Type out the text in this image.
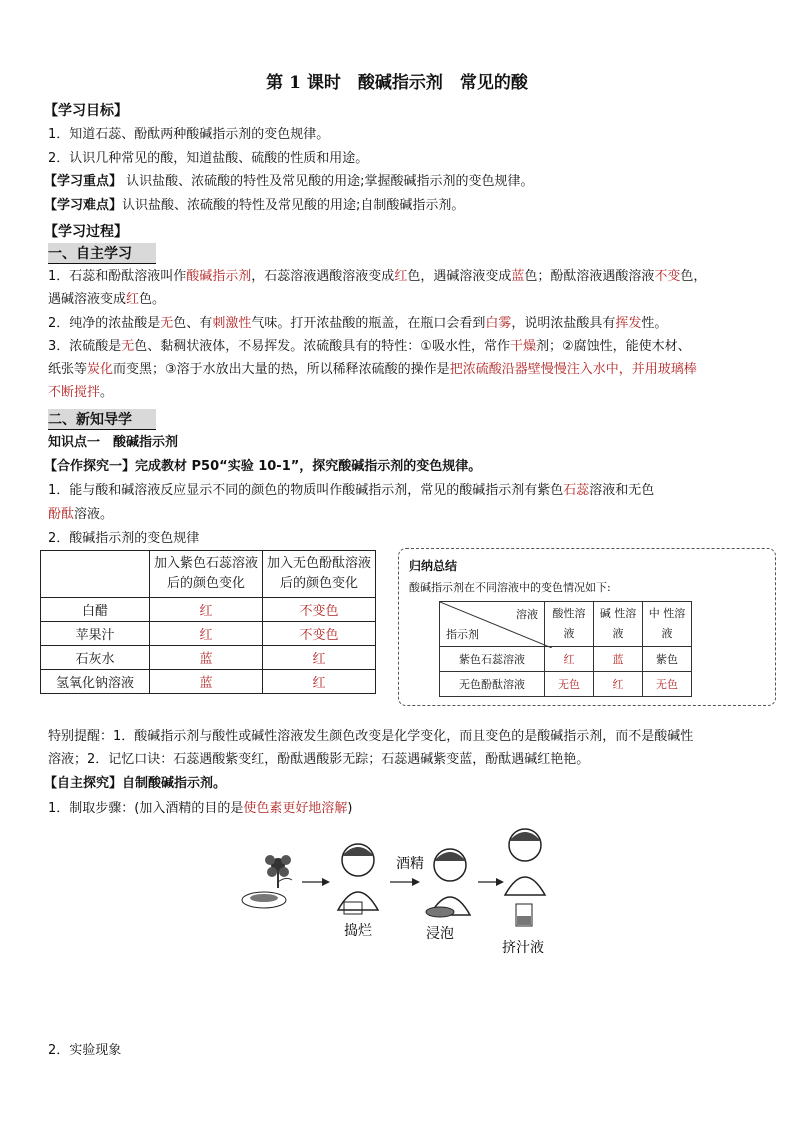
第 1 课时　酸碱指示剂　常见的酸
【学习目标】
1．知道石蕊、酚酞两种酸碱指示剂的变色规律。
2．认识几种常见的酸，知道盐酸、硫酸的性质和用途。
【学习重点】 认识盐酸、浓硫酸的特性及常见酸的用途;掌握酸碱指示剂的变色规律。
【学习难点】认识盐酸、浓硫酸的特性及常见酸的用途;自制酸碱指示剂。
【学习过程】
一、自主学习
1．石蕊和酚酞溶液叫作酸碱指示剂，石蕊溶液遇酸溶液变成红色，遇碱溶液变成蓝色；酚酞溶液遇酸溶液不变色，
遇碱溶液变成红色。
2．纯净的浓盐酸是无色、有刺激性气味。打开浓盐酸的瓶盖，在瓶口会看到白雾，说明浓盐酸具有挥发性。
3．浓硫酸是无色、黏稠状液体，不易挥发。浓硫酸具有的特性：①吸水性，常作干燥剂；②腐蚀性，能使木材、
纸张等炭化而变黑；③溶于水放出大量的热，所以稀释浓硫酸的操作是把浓硫酸沿器壁慢慢注入水中，并用玻璃棒
不断搅拌。
二、新知导学
知识点一　酸碱指示剂
【合作探究一】完成教材 P50“实验 10-1”，探究酸碱指示剂的变色规律。
1．能与酸和碱溶液反应显示不同的颜色的物质叫作酸碱指示剂，常见的酸碱指示剂有紫色石蕊溶液和无色
酚酞溶液。
2．酸碱指示剂的变色规律
	加入紫色石蕊溶液后的颜色变化	加入无色酚酞溶液后的颜色变化
白醋	红	不变色
苹果汁	红	不变色
石灰水	蓝	红
氢氧化钠溶液	蓝	红
归纳总结
酸碱指示剂在不同溶液中的变色情况如下:
溶液
指示剂	酸性溶液	碱 性溶液	中 性溶液
紫色石蕊溶液	红	蓝	紫色
无色酚酞溶液	无色	红	无色
特别提醒：1．酸碱指示剂与酸性或碱性溶液发生颜色改变是化学变化，而且变色的是酸碱指示剂，而不是酸碱性
溶液；2．记忆口诀：石蕊遇酸紫变红，酚酞遇酸影无踪；石蕊遇碱紫变蓝，酚酞遇碱红艳艳。
【自主探究】自制酸碱指示剂。
1．制取步骤：(加入酒精的目的是使色素更好地溶解)
捣烂
酒精
浸泡
挤汁液
2．实验现象
